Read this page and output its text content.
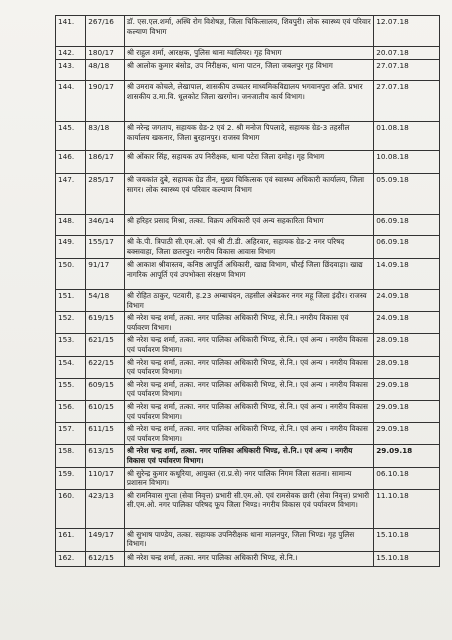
141.	267/16	डॉ. एस.एल.शर्मा, अस्थि रोग विशेषज्ञ, जिला चिकित्सालय, शिवपुरी। लोक स्वास्थ्य एवं परिवार कल्याण विभाग	12.07.18
142.	180/17	श्री राहुल शर्मा, आरक्षक, पुलिस थाना ग्वालियर। गृह विभाग	20.07.18
143.	48/18	श्री आलोक कुमार बंसोड, उप निरीक्षक, थाना पाटन, जिला जबलपुर गृह विभाग	27.07.18
144.	190/17	श्री उमराव कोचले, लेखापाल, शासकीय उच्चतर माध्यमिकविद्यालय भगवानपुरा अति. प्रभार शासकीय उ.मा.वि. धूलकोट जिला खरगोन। जनजातीय कार्य विभाग।	27.07.18
145.	83/18	श्री नरेन्द्र जगताप, सहायक ग्रेड-2 एवं 2. श्री मनोज पिपलादे, सहायक ग्रेड-3 तहसील कार्यालय खकनार, जिला बुरहानपुर। राजस्व विभाग	01.08.18
146.	186/17	श्री ओंकार सिंह, सहायक उप निरीक्षक, थाना पटेरा जिला दमोह। गृह विभाग	10.08.18
147.	285/17	श्री जयकांत दुबे, सहायक ग्रेड तीन, मुख्य चिकित्सक एवं स्वास्थ्य अधिकारी कार्यालय, जिला सागर। लोक स्वास्थ्य एवं परिवार कल्याण विभाग	05.09.18
148.	346/14	श्री हरिहर प्रसाद मिश्रा, तत्का. विक्रय अधिकारी एवं अन्य सहकारिता विभाग	06.09.18
149.	155/17	श्री के.पी. त्रिपाठी सी.एम.ओ. एवं श्री टी.डी. अहिरवार, सहायक ग्रेड-2 नगर परिषद बक्सवाहा, जिला छतरपुर। नगरीय विकास आवास विभाग	06.09.18
150.	91/17	श्री आकाश श्रीवास्तव, कनिष्ठ आपूर्ति अधिकारी, खाद्य विभाग, चौरई जिला छिंदवाड़ा। खाद्य नागरिक आपूर्ति एवं उपभोक्ता संरक्षण विभाग	14.09.18
151.	54/18	श्री रोहित ठाकुर, पटवारी, ह.23 अम्बाचंदन, तहसील अंबेडकर नगर महू जिला इंदौर। राजस्व विभाग	24.09.18
152.	619/15	श्री नरेश चन्द्र शर्मा, तत्का. नगर पालिका अधिकारी भिण्ड, से.नि.। नगरीय विकास एवं पर्यावरण विभाग।	24.09.18
153.	621/15	श्री नरेश चन्द्र शर्मा, तत्का. नगर पालिका अधिकारी भिण्ड, से.नि.। एवं अन्य । नगरीय विकास एवं पर्यावरण विभाग।	28.09.18
154.	622/15	श्री नरेश चन्द्र शर्मा, तत्का. नगर पालिका अधिकारी भिण्ड, से.नि.। एवं अन्य । नगरीय विकास एवं पर्यावरण विभाग।	28.09.18
155.	609/15	श्री नरेश चन्द्र शर्मा, तत्का. नगर पालिका अधिकारी भिण्ड, से.नि.। एवं अन्य । नगरीय विकास एवं पर्यावरण विभाग।	29.09.18
156.	610/15	श्री नरेश चन्द्र शर्मा, तत्का. नगर पालिका अधिकारी भिण्ड, से.नि.। एवं अन्य । नगरीय विकास एवं पर्यावरण विभाग।	29.09.18
157.	611/15	श्री नरेश चन्द्र शर्मा, तत्का. नगर पालिका अधिकारी भिण्ड, से.नि.। एवं अन्य । नगरीय विकास एवं पर्यावरण विभाग।	29.09.18
158.	613/15	श्री नरेश चन्द्र शर्मा, तत्का. नगर पालिका अधिकारी भिण्ड, से.नि.। एवं अन्य । नगरीय विकास एवं पर्यावरण विभाग।	29.09.18
159.	110/17	श्री सुरेन्द्र कुमार कथूरिया, आयुक्त (रा.प्र.से) नगर पालिक निगम जिला सतना। सामान्य प्रशासन विभाग।	06.10.18
160.	423/13	श्री रामनिवास गुप्ता (सेवा निवृत्त) प्रभारी सी.एम.ओ. एवं रामसेवक छारी (सेवा निवृत्त) प्रभारी सी.एम.ओ. नगर पालिका परिषद फूप जिला भिण्ड। नगरीय विकास एवं पर्यावरण विभाग।	11.10.18
161.	149/17	श्री सुभाष पाण्डेय, तत्का. सहायक उपनिरीक्षक थाना मालनपुर, जिला भिण्ड। गृह पुलिस विभाग।	15.10.18
162.	612/15	श्री नरेश चन्द्र शर्मा, तत्का. नगर पालिका अधिकारी भिण्ड, से.नि.।	15.10.18
